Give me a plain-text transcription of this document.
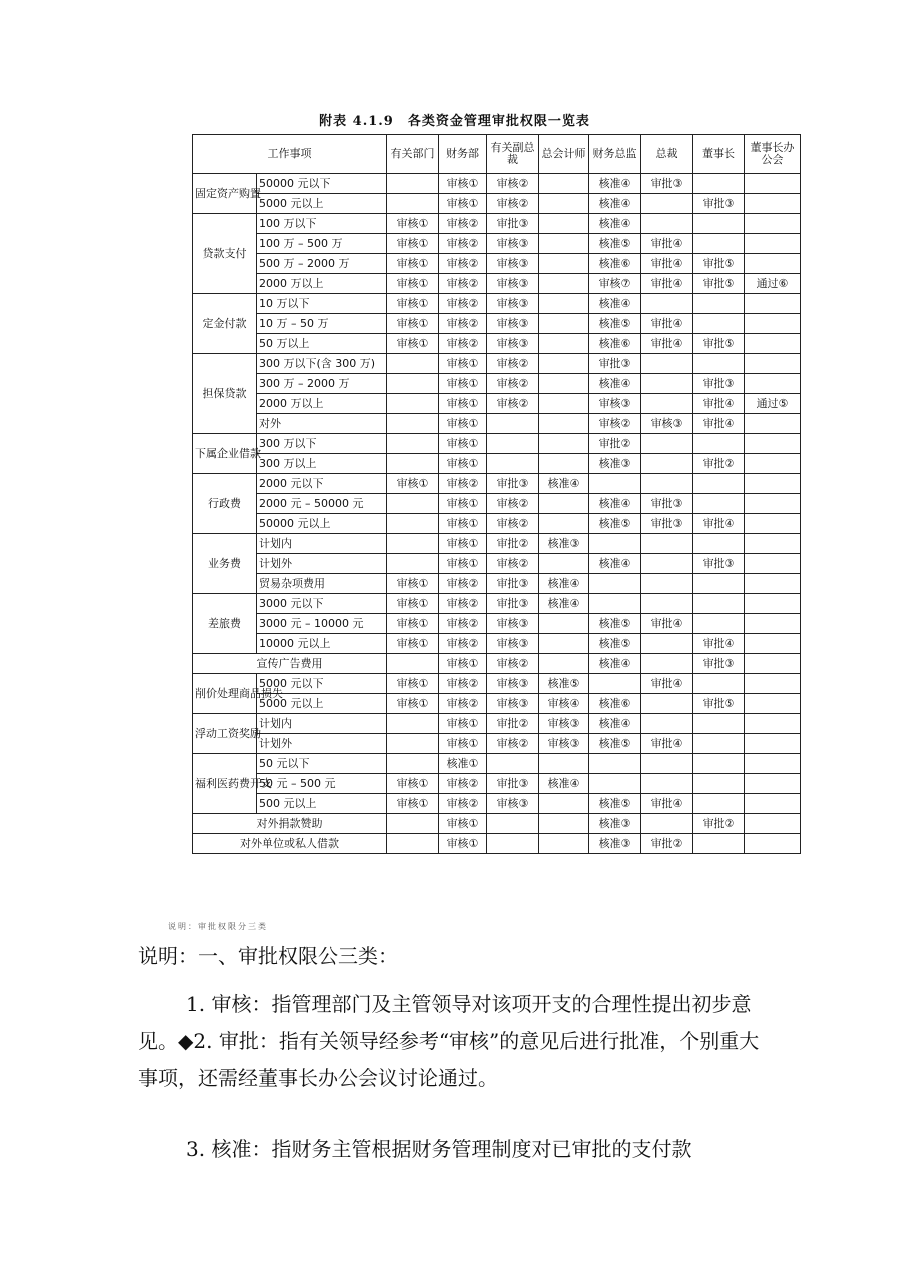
附表 4.1.9　各类资金管理审批权限一览表
工作事项		有关部门	财务部	有关副总裁	总会计师	财务总监	总裁	董事长	董事长办公会
固定资产购置	50000 元以下		审核①	审核②		核准④	审批③		
	5000 元以上		审核①	审核②		核准④		审批③	
贷款支付	100 万以下	审核①	审核②	审批③		核准④			
	100 万 – 500 万	审核①	审核②	审核③		核准⑤	审批④		
	500 万 – 2000 万	审核①	审核②	审核③		核准⑥	审批④	审批⑤	
	2000 万以上	审核①	审核②	审核③		审核⑦	审批④	审批⑤	通过⑥
定金付款	10 万以下	审核①	审核②	审核③		核准④			
	10 万 – 50 万	审核①	审核②	审核③		核准⑤	审批④		
	50 万以上	审核①	审核②	审核③		核准⑥	审批④	审批⑤	
担保贷款	300 万以下(含 300 万)		审核①	审核②		审批③			
	300 万 – 2000 万		审核①	审核②		核准④		审批③	
	2000 万以上		审核①	审核②		审核③		审批④	通过⑤
	对外		审核①			审核②	审核③	审批④	
下属企业借款	300 万以下		审核①			审批②			
	300 万以上		审核①			核准③		审批②	
行政费	2000 元以下	审核①	审核②	审批③	核准④				
	2000 元 – 50000 元		审核①	审核②		核准④	审批③		
	50000 元以上		审核①	审核②		核准⑤	审批③	审批④	
业务费	计划内		审核①	审批②	核准③				
	计划外		审核①	审核②		核准④		审批③	
	贸易杂项费用	审核①	审核②	审批③	核准④				
差旅费	3000 元以下	审核①	审核②	审批③	核准④				
	3000 元 – 10000 元	审核①	审核②	审核③		核准⑤	审批④		
	10000 元以上	审核①	审核②	审核③		核准⑤		审批④	
宣传广告费用			审核①	审核②		核准④		审批③	
削价处理商品损失	5000 元以下	审核①	审核②	审核③	核准⑤		审批④		
	5000 元以上	审核①	审核②	审核③	审核④	核准⑥		审批⑤	
浮动工资奖励	计划内		审核①	审批②	审核③	核准④			
	计划外		审核①	审核②	审核③	核准⑤	审批④		
福利医药费开支	50 元以下		核准①						
	50 元 – 500 元	审核①	审核②	审批③	核准④				
	500 元以上	审核①	审核②	审核③		核准⑤	审批④		
对外捐款赞助			审核①			核准③		审批②	
对外单位或私人借款			审核①			核准③	审批②		
说明：审批权限分三类
说明：一、审批权限公三类：
1. 审核：指管理部门及主管领导对该项开支的合理性提出初步意见。◆2. 审批：指有关领导经参考“审核”的意见后进行批准，个别重大事项，还需经董事长办公会议讨论通过。
3. 核准：指财务主管根据财务管理制度对已审批的支付款
